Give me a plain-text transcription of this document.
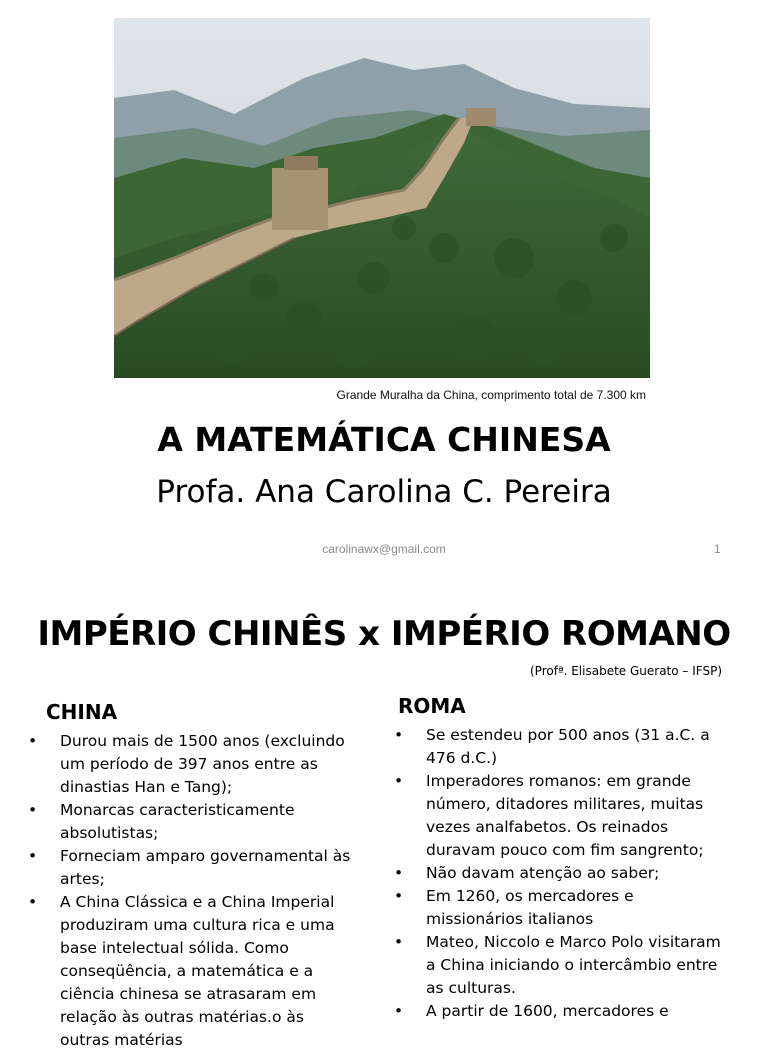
Grande Muralha da China, comprimento total de 7.300 km
A MATEMÁTICA CHINESA
Profa. Ana Carolina C. Pereira
carolinawx@gmail.com	1
IMPÉRIO CHINÊS x IMPÉRIO ROMANO
(Profª. Elisabete Guerato – IFSP)
CHINA
• Durou mais de 1500 anos (excluindo um período de 397 anos entre as dinastias Han e Tang);
• Monarcas caracteristicamente absolutistas;
• Forneciam amparo governamental às artes;
• A China Clássica e a China Imperial produziram uma cultura rica e uma base intelectual sólida. Como conseqüência, a matemática e a ciência chinesa se atrasaram em relação às outras matérias.o às outras matérias
ROMA
• Se estendeu por 500 anos (31 a.C. a 476 d.C.)
• Imperadores romanos: em grande número, ditadores militares, muitas vezes analfabetos. Os reinados duravam pouco com fim sangrento;
• Não davam atenção ao saber;
• Em 1260, os mercadores e missionários italianos
• Mateo, Niccolo e Marco Polo visitaram a China iniciando o intercâmbio entre as culturas.
• A partir de 1600, mercadores e
